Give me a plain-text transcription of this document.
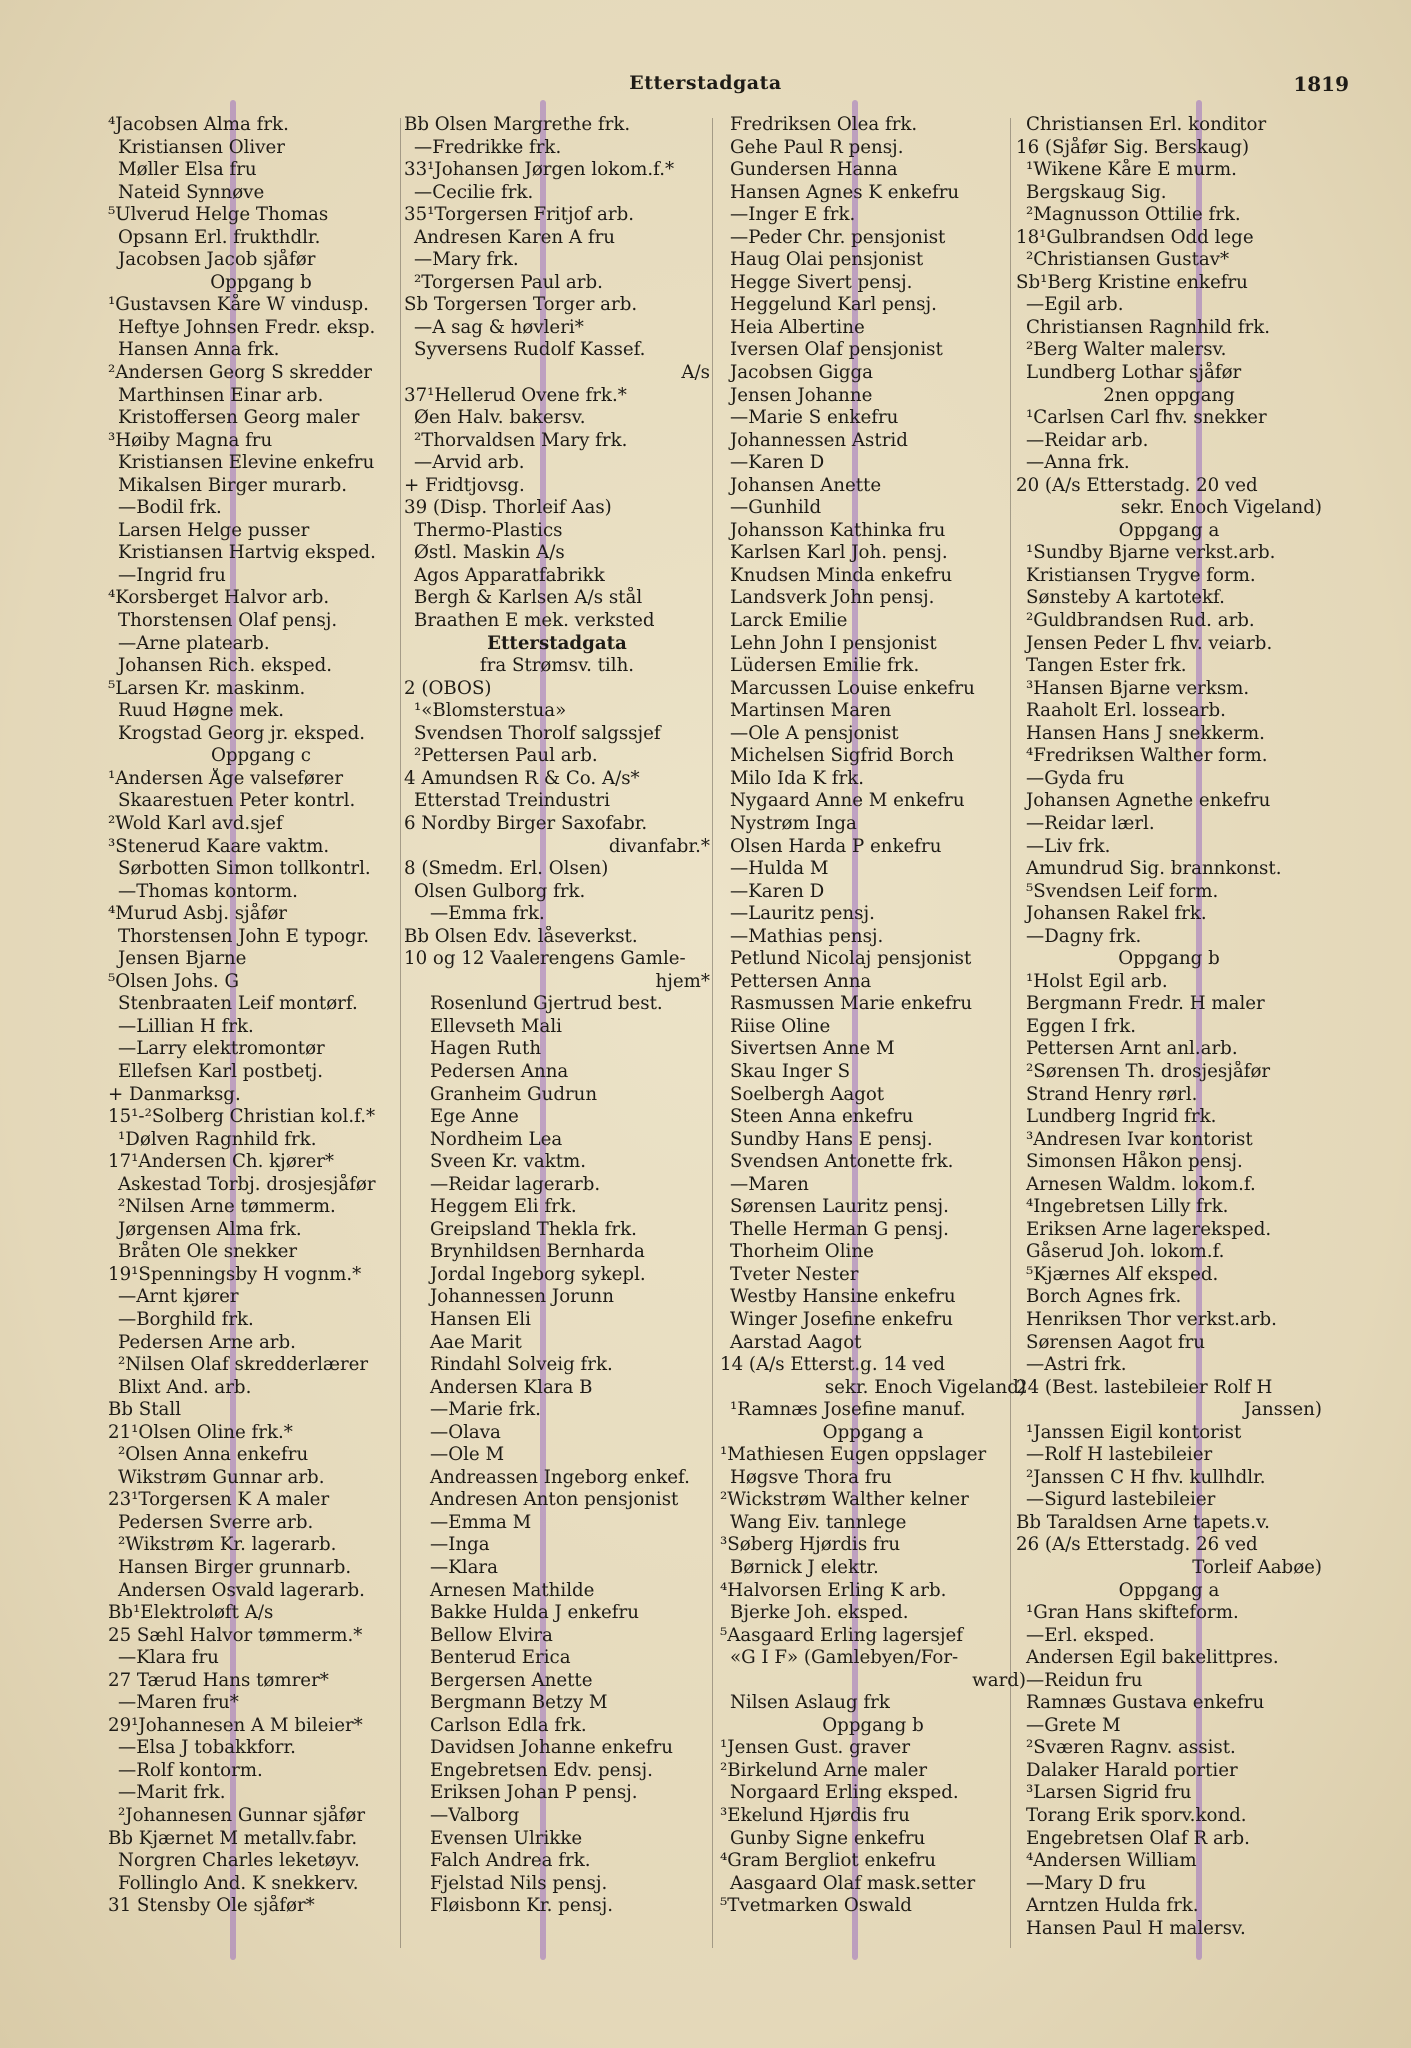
Etterstadgata	1819
⁴Jacobsen Alma frk.
Kristiansen Oliver
Møller Elsa fru
Nateid Synnøve
⁵Ulverud Helge Thomas
Opsann Erl. frukthdlr.
Jacobsen Jacob sjåfør
Oppgang b
¹Gustavsen Kåre W vindusp.
Heftye Johnsen Fredr. eksp.
Hansen Anna frk.
²Andersen Georg S skredder
Marthinsen Einar arb.
Kristoffersen Georg maler
³Høiby Magna fru
Kristiansen Elevine enkefru
Mikalsen Birger murarb.
—Bodil frk.
Larsen Helge pusser
Kristiansen Hartvig eksped.
—Ingrid fru
⁴Korsberget Halvor arb.
Thorstensen Olaf pensj.
—Arne platearb.
Johansen Rich. eksped.
⁵Larsen Kr. maskinm.
Ruud Høgne mek.
Krogstad Georg jr. eksped.
Oppgang c
¹Andersen Åge valsefører
Skaarestuen Peter kontrl.
²Wold Karl avd.sjef
³Stenerud Kaare vaktm.
Sørbotten Simon tollkontrl.
—Thomas kontorm.
⁴Murud Asbj. sjåfør
Thorstensen John E typogr.
Jensen Bjarne
⁵Olsen Johs. G
Stenbraaten Leif montørf.
—Lillian H frk.
—Larry elektromontør
Ellefsen Karl postbetj.
+ Danmarksg.
15¹-²Solberg Christian kol.f.*
¹Dølven Ragnhild frk.
17¹Andersen Ch. kjører*
Askestad Torbj. drosjesjåfør
²Nilsen Arne tømmerm.
Jørgensen Alma frk.
Bråten Ole snekker
19¹Spenningsby H vognm.*
—Arnt kjører
—Borghild frk.
Pedersen Arne arb.
²Nilsen Olaf skredderlærer
Blixt And. arb.
Bb Stall
21¹Olsen Oline frk.*
²Olsen Anna enkefru
Wikstrøm Gunnar arb.
23¹Torgersen K A maler
Pedersen Sverre arb.
²Wikstrøm Kr. lagerarb.
Hansen Birger grunnarb.
Andersen Osvald lagerarb.
Bb¹Elektroløft A/s
25 Sæhl Halvor tømmerm.*
—Klara fru
27 Tærud Hans tømrer*
—Maren fru*
29¹Johannesen A M bileier*
—Elsa J tobakkforr.
—Rolf kontorm.
—Marit frk.
²Johannesen Gunnar sjåfør
Bb Kjærnet M metallv.fabr.
Norgren Charles leketøyv.
Follinglo And. K snekkerv.
31 Stensby Ole sjåfør*
Bb Olsen Margrethe frk.
—Fredrikke frk.
33¹Johansen Jørgen lokom.f.*
—Cecilie frk.
35¹Torgersen Fritjof arb.
Andresen Karen A fru
—Mary frk.
²Torgersen Paul arb.
Sb Torgersen Torger arb.
—A sag & høvleri*
Syversens Rudolf Kassef.
A/s
37¹Hellerud Ovene frk.*
Øen Halv. bakersv.
²Thorvaldsen Mary frk.
—Arvid arb.
+ Fridtjovsg.
39 (Disp. Thorleif Aas)
Thermo-Plastics
Østl. Maskin A/s
Agos Apparatfabrikk
Bergh & Karlsen A/s stål
Braathen E mek. verksted
Etterstadgata
fra Strømsv. tilh.
2 (OBOS)
¹«Blomsterstua»
Svendsen Thorolf salgssjef
²Pettersen Paul arb.
4 Amundsen R & Co. A/s*
Etterstad Treindustri
6 Nordby Birger Saxofabr.
divanfabr.*
8 (Smedm. Erl. Olsen)
Olsen Gulborg frk.
—Emma frk.
Bb Olsen Edv. låseverkst.
10 og 12 Vaalerengens Gamle-
hjem*
Rosenlund Gjertrud best.
Ellevseth Mali
Hagen Ruth
Pedersen Anna
Granheim Gudrun
Ege Anne
Nordheim Lea
Sveen Kr. vaktm.
—Reidar lagerarb.
Heggem Eli frk.
Greipsland Thekla frk.
Brynhildsen Bernharda
Jordal Ingeborg sykepl.
Johannessen Jorunn
Hansen Eli
Aae Marit
Rindahl Solveig frk.
Andersen Klara B
—Marie frk.
—Olava
—Ole M
Andreassen Ingeborg enkef.
Andresen Anton pensjonist
—Emma M
—Inga
—Klara
Arnesen Mathilde
Bakke Hulda J enkefru
Bellow Elvira
Benterud Erica
Bergersen Anette
Bergmann Betzy M
Carlson Edla frk.
Davidsen Johanne enkefru
Engebretsen Edv. pensj.
Eriksen Johan P pensj.
—Valborg
Evensen Ulrikke
Falch Andrea frk.
Fjelstad Nils pensj.
Fløisbonn Kr. pensj.
Fredriksen Olea frk.
Gehe Paul R pensj.
Gundersen Hanna
Hansen Agnes K enkefru
—Inger E frk.
—Peder Chr. pensjonist
Haug Olai pensjonist
Hegge Sivert pensj.
Heggelund Karl pensj.
Heia Albertine
Iversen Olaf pensjonist
Jacobsen Gigga
Jensen Johanne
—Marie S enkefru
Johannessen Astrid
—Karen D
Johansen Anette
—Gunhild
Johansson Kathinka fru
Karlsen Karl Joh. pensj.
Knudsen Minda enkefru
Landsverk John pensj.
Larck Emilie
Lehn John I pensjonist
Lüdersen Emilie frk.
Marcussen Louise enkefru
Martinsen Maren
—Ole A pensjonist
Michelsen Sigfrid Borch
Milo Ida K frk.
Nygaard Anne M enkefru
Nystrøm Inga
Olsen Harda P enkefru
—Hulda M
—Karen D
—Lauritz pensj.
—Mathias pensj.
Petlund Nicolaj pensjonist
Pettersen Anna
Rasmussen Marie enkefru
Riise Oline
Sivertsen Anne M
Skau Inger S
Soelbergh Aagot
Steen Anna enkefru
Sundby Hans E pensj.
Svendsen Antonette frk.
—Maren
Sørensen Lauritz pensj.
Thelle Herman G pensj.
Thorheim Oline
Tveter Nester
Westby Hansine enkefru
Winger Josefine enkefru
Aarstad Aagot
14 (A/s Etterst.g. 14 ved
sekr. Enoch Vigeland)
¹Ramnæs Josefine manuf.
Oppgang a
¹Mathiesen Eugen oppslager
Høgsve Thora fru
²Wickstrøm Walther kelner
Wang Eiv. tannlege
³Søberg Hjørdis fru
Børnick J elektr.
⁴Halvorsen Erling K arb.
Bjerke Joh. eksped.
⁵Aasgaard Erling lagersjef
«G I F» (Gamlebyen/For-
ward)
Nilsen Aslaug frk
Oppgang b
¹Jensen Gust. graver
²Birkelund Arne maler
Norgaard Erling eksped.
³Ekelund Hjørdis fru
Gunby Signe enkefru
⁴Gram Bergliot enkefru
Aasgaard Olaf mask.setter
⁵Tvetmarken Oswald
Christiansen Erl. konditor
16 (Sjåfør Sig. Berskaug)
¹Wikene Kåre E murm.
Bergskaug Sig.
²Magnusson Ottilie frk.
18¹Gulbrandsen Odd lege
²Christiansen Gustav*
Sb¹Berg Kristine enkefru
—Egil arb.
Christiansen Ragnhild frk.
²Berg Walter malersv.
Lundberg Lothar sjåfør
2nen oppgang
¹Carlsen Carl fhv. snekker
—Reidar arb.
—Anna frk.
20 (A/s Etterstadg. 20 ved
sekr. Enoch Vigeland)
Oppgang a
¹Sundby Bjarne verkst.arb.
Kristiansen Trygve form.
Sønsteby A kartotekf.
²Guldbrandsen Rud. arb.
Jensen Peder L fhv. veiarb.
Tangen Ester frk.
³Hansen Bjarne verksm.
Raaholt Erl. lossearb.
Hansen Hans J snekkerm.
⁴Fredriksen Walther form.
—Gyda fru
Johansen Agnethe enkefru
—Reidar lærl.
—Liv frk.
Amundrud Sig. brannkonst.
⁵Svendsen Leif form.
Johansen Rakel frk.
—Dagny frk.
Oppgang b
¹Holst Egil arb.
Bergmann Fredr. H maler
Eggen I frk.
Pettersen Arnt anl.arb.
²Sørensen Th. drosjesjåfør
Strand Henry rørl.
Lundberg Ingrid frk.
³Andresen Ivar kontorist
Simonsen Håkon pensj.
Arnesen Waldm. lokom.f.
⁴Ingebretsen Lilly frk.
Eriksen Arne lagereksped.
Gåserud Joh. lokom.f.
⁵Kjærnes Alf eksped.
Borch Agnes frk.
Henriksen Thor verkst.arb.
Sørensen Aagot fru
—Astri frk.
24 (Best. lastebileier Rolf H
Janssen)
¹Janssen Eigil kontorist
—Rolf H lastebileier
²Janssen C H fhv. kullhdlr.
—Sigurd lastebileier
Bb Taraldsen Arne tapets.v.
26 (A/s Etterstadg. 26 ved
Torleif Aabøe)
Oppgang a
¹Gran Hans skifteform.
—Erl. eksped.
Andersen Egil bakelittpres.
—Reidun fru
Ramnæs Gustava enkefru
—Grete M
²Sværen Ragnv. assist.
Dalaker Harald portier
³Larsen Sigrid fru
Torang Erik sporv.kond.
Engebretsen Olaf R arb.
⁴Andersen William
—Mary D fru
Arntzen Hulda frk.
Hansen Paul H malersv.
